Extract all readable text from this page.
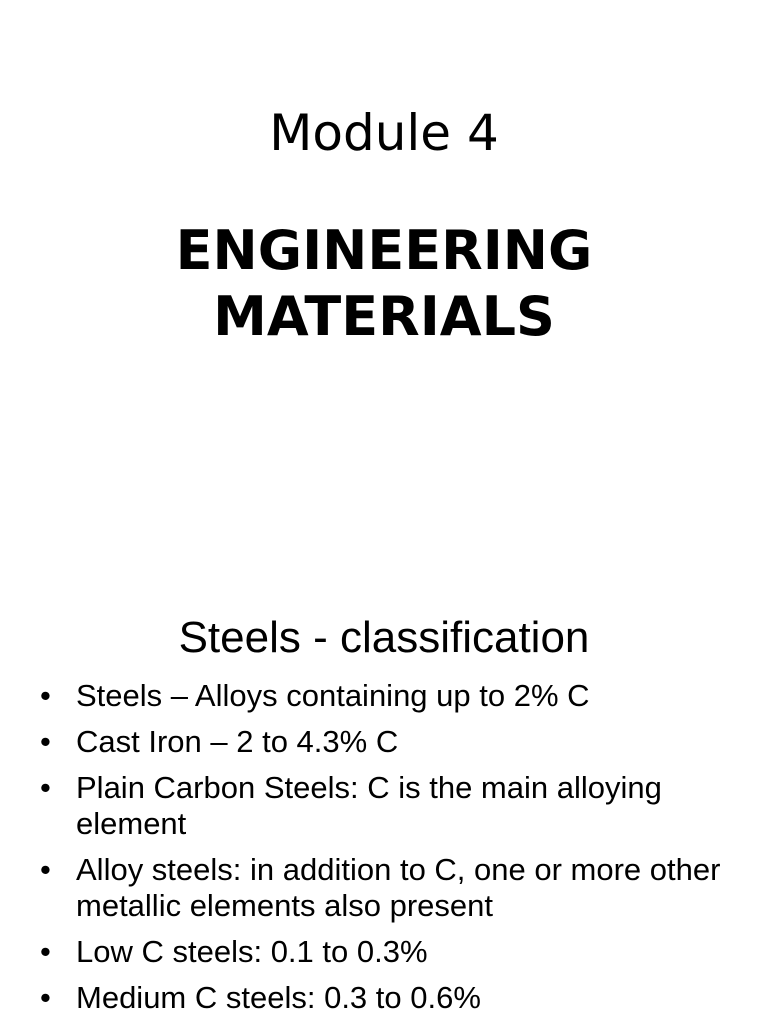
Module 4
ENGINEERING
MATERIALS
Steels - classification
• Steels – Alloys containing up to 2% C
• Cast Iron – 2 to 4.3% C
• Plain Carbon Steels: C is the main alloying element
• Alloy steels: in addition to C, one or more other metallic elements also present
• Low C steels: 0.1 to 0.3%
• Medium C steels: 0.3 to 0.6%
